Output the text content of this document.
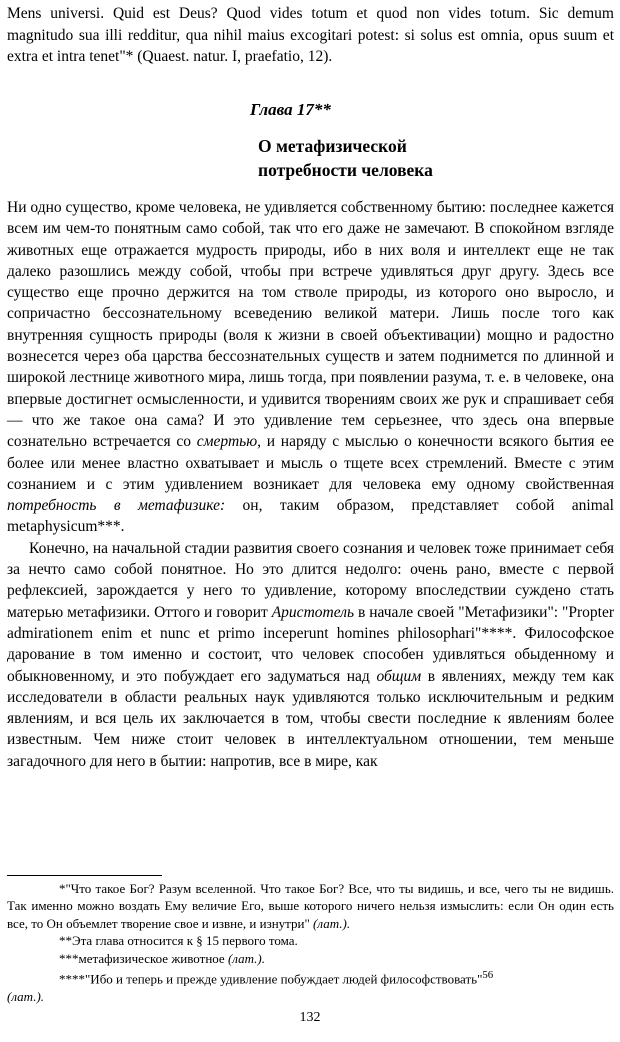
Mens universi. Quid est Deus? Quod vides totum et quod non vides totum. Sic demum magnitudo sua illi redditur, qua nihil maius excogitari potest: si solus est omnia, opus suum et extra et intra tenet"* (Quaest. natur. I, praefatio, 12).
Глава 17**
О метафизической
потребности человека

Ни одно существо, кроме человека, не удивляется собственному бытию: последнее кажется всем им чем-то понятным само собой, так что его даже не замечают. В спокойном взгляде животных еще отражается мудрость природы, ибо в них воля и интеллект еще не так далеко разошлись между собой, чтобы при встрече удивляться друг другу. Здесь все существо еще прочно держится на том стволе природы, из которого оно выросло, и сопричастно бессознательному всеведению великой матери. Лишь после того как внутренняя сущность природы (воля к жизни в своей объективации) мощно и радостно вознесется через оба царства бессознательных существ и затем поднимется по длинной и широкой лестнице животного мира, лишь тогда, при появлении разума, т. е. в человеке, она впервые достигнет осмысленности, и удивится творениям своих же рук и спрашивает себя — что же такое она сама? И это удивление тем серьезнее, что здесь она впервые сознательно встречается со смертью, и наряду с мыслью о конечности всякого бытия ее более или менее властно охватывает и мысль о тщете всех стремлений. Вместе с этим сознанием и с этим удивлением возникает для человека ему одному свойственная потребность в метафизике: он, таким образом, представляет собой animal metaphysicum***.

Конечно, на начальной стадии развития своего сознания и человек тоже принимает себя за нечто само собой понятное. Но это длится недолго: очень рано, вместе с первой рефлексией, зарождается у него то удивление, которому впоследствии суждено стать матерью метафизики. Оттого и говорит Аристотель в начале своей "Метафизики": "Propter admirationem enim et nunc et primo inceperunt homines philosophari"****. Философское дарование в том именно и состоит, что человек способен удивляться обыденному и обыкновенному, и это побуждает его задуматься над общим в явлениях, между тем как исследователи в области реальных наук удивляются только исключительным и редким явлениям, и вся цель их заключается в том, чтобы свести последние к явлениям более известным. Чем ниже стоит человек в интеллектуальном отношении, тем меньше загадочного для него в бытии: напротив, все в мире, как

*"Что такое Бог? Разум вселенной. Что такое Бог? Все, что ты видишь, и все, чего ты не видишь. Так именно можно воздать Ему величие Его, выше которого ничего нельзя измыслить: если Он один есть все, то Он объемлет творение свое и извне, и изнутри" (лат.).

**Эта глава относится к § 15 первого тома.

***метафизическое животное (лат.).

****"Ибо и теперь и прежде удивление побуждает людей философствовать"$^{56}$

(лат.).

132
